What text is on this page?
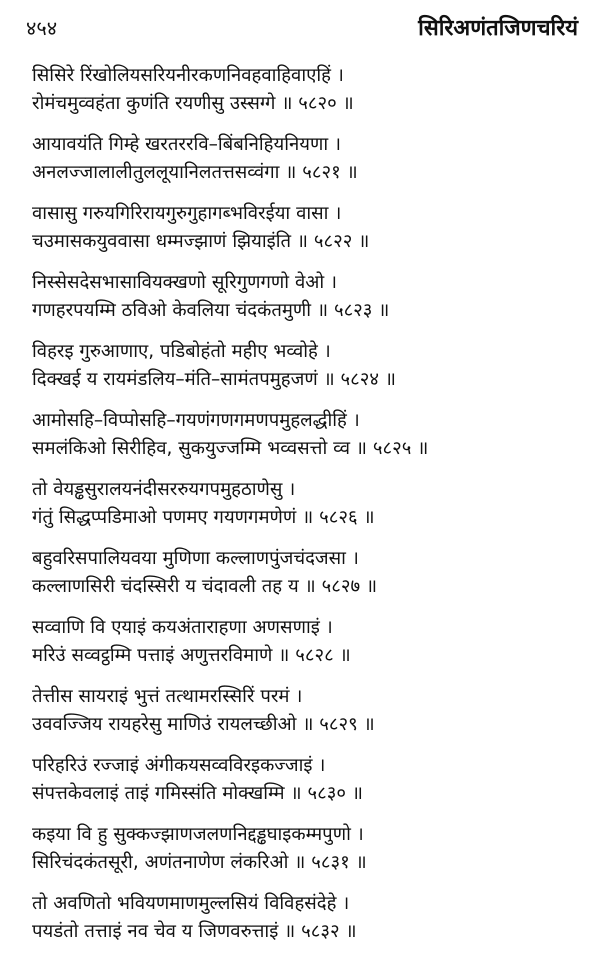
४५४	सिरिअणंतजिणचरियं
सिसिरे रिंखोलियसरियनीरकणनिवहवाहिवाएहिं ।
रोमंचमुव्वहंता कुणंति रयणीसु उस्सग्गे ॥ ५८२० ॥
आयावयंति गिम्हे खरतररवि–बिंबनिहियनियणा ।
अनलज्जालालीतुललूयानिलतत्तसव्वंगा ॥ ५८२१ ॥
वासासु गरुयगिरिरायगुरुगुहागब्भविरईया वासा ।
चउमासकयुववासा धम्मज्झाणं झियाइंति ॥ ५८२२ ॥
निस्सेसदेसभासावियक्खणो सूरिगुणगणो वेओ ।
गणहरपयम्मि ठविओ केवलिया चंदकंतमुणी ॥ ५८२३ ॥
विहरइ गुरुआणाए, पडिबोहंतो महीए भव्वोहे ।
दिक्खई य रायमंडलिय–मंति–सामंतपमुहजणं ॥ ५८२४ ॥
आमोसहि–विप्पोसहि–गयणंगणगमणपमुहलद्धीहिं ।
समलंकिओ सिरीहिव, सुकयुज्जम्मि भव्वसत्तो व्व ॥ ५८२५ ॥
तो वेयड्ढसुरालयनंदीसररुयगपमुहठाणेसु ।
गंतुं सिद्धप्पडिमाओ पणमए गयणगमणेणं ॥ ५८२६ ॥
बहुवरिसपालियवया मुणिणा कल्लाणपुंजचंदजसा ।
कल्लाणसिरी चंदस्सिरी य चंदावली तह य ॥ ५८२७ ॥
सव्वाणि वि एयाइं कयअंताराहणा अणसणाइं ।
मरिउं सव्वट्ठम्मि पत्ताइं अणुत्तरविमाणे ॥ ५८२८ ॥
तेत्तीस सायराइं भुत्तं तत्थामरस्सिरिं परमं ।
उववज्जिय रायहरेसु माणिउं रायलच्छीओ ॥ ५८२९ ॥
परिहरिउं रज्जाइं अंगीकयसव्वविरइकज्जाइं ।
संपत्तकेवलाइं ताइं गमिस्संति मोक्खम्मि ॥ ५८३० ॥
कइया वि हु सुक्कज्झाणजलणनिद्दड्ढघाइकम्मपुणो ।
सिरिचंदकंतसूरी, अणंतनाणेण लंकरिओ ॥ ५८३१ ॥
तो अवणितो भवियणमाणमुल्लसियं विविहसंदेहे ।
पयडंतो तत्ताइं नव चेव य जिणवरुत्ताइं ॥ ५८३२ ॥
